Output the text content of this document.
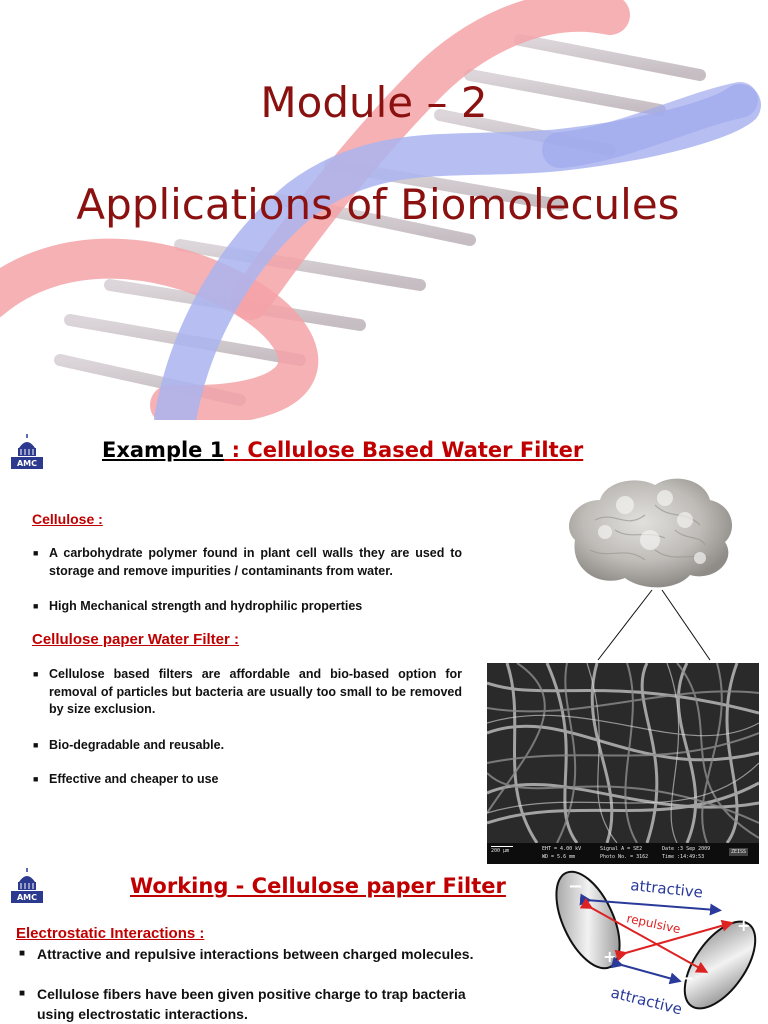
Module – 2
Applications of Biomolecules
AMC
Example 1 : Cellulose Based Water Filter
Cellulose :
■ A carbohydrate polymer found in plant cell walls they are used to storage and remove impurities / contaminants from water.
■ High Mechanical strength and hydrophilic properties
Cellulose paper Water Filter :
■ Cellulose based filters are affordable and bio-based option for removal of particles but bacteria are usually too small to be removed by size exclusion.
■ Bio-degradable and reusable.
■ Effective and cheaper to use
200 µm	EHT = 4.00 kV
WD = 5.6 mm
Signal A = SE2
Photo No. = 3162
Date :3 Sep 2009
Time :14:49:53
ZEISS
AMC	Working - Cellulose paper Filter
Electrostatic Interactions :
■ Attractive and repulsive interactions between charged molecules.
■ Cellulose fibers have been given positive charge to trap bacteria using electrostatic interactions.
−
+
+
−
attractive
repulsive
attractive
